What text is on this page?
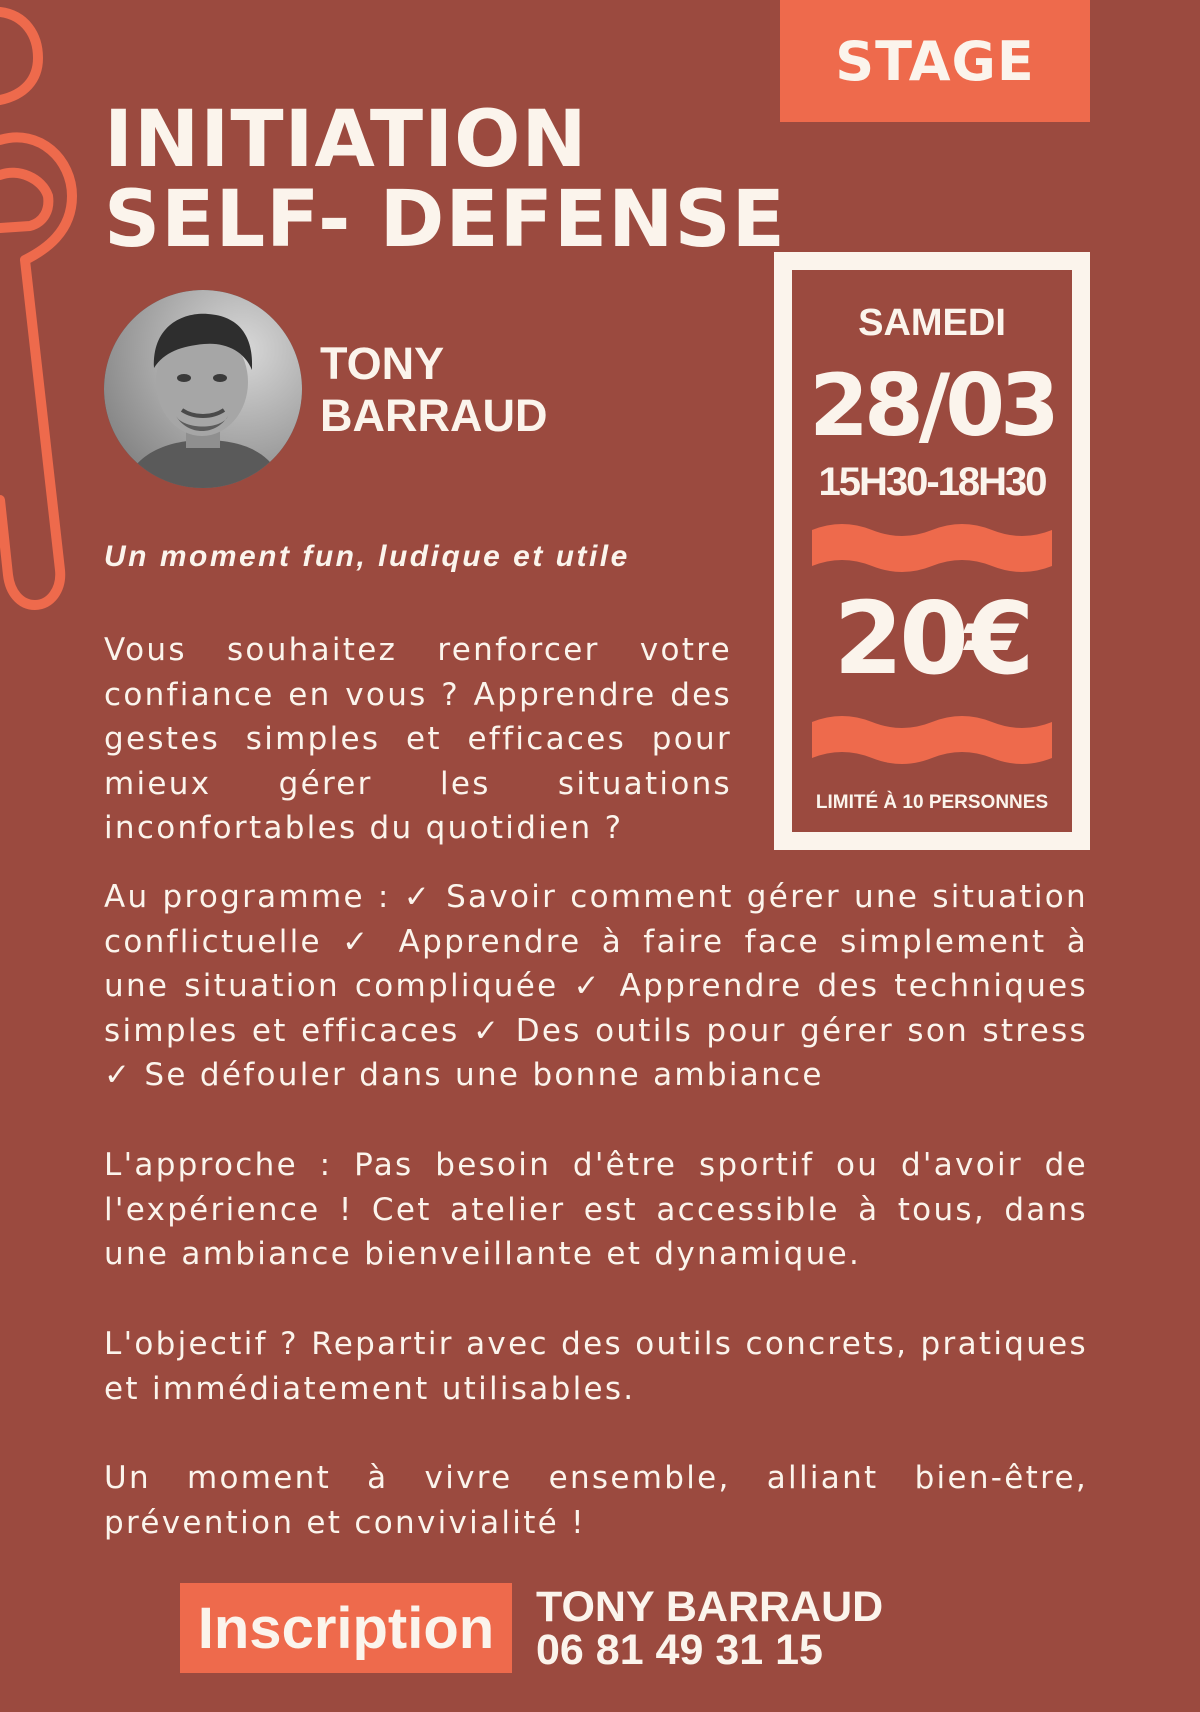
STAGE
INITIATION
SELF- DEFENSE
TONY
BARRAUD
SAMEDI
28/03
15H30-18H30
20€
LIMITÉ À 10 PERSONNES
Un moment fun, ludique et utile

Vous souhaitez renforcer votre confiance en vous ? Apprendre des gestes simples et efficaces pour mieux gérer les situations inconfortables du quotidien ?

Au programme : ✓ Savoir comment gérer une situation conflictuelle ✓ Apprendre à faire face simplement à une situation compliquée ✓ Apprendre des techniques simples et efficaces ✓ Des outils pour gérer son stress ✓ Se défouler dans une bonne ambiance

L'approche : Pas besoin d'être sportif ou d'avoir de l'expérience ! Cet atelier est accessible à tous, dans une ambiance bienveillante et dynamique.

L'objectif ? Repartir avec des outils concrets, pratiques et immédiatement utilisables.

Un moment à vivre ensemble, alliant bien-être, prévention et convivialité !

Inscription TONY BARRAUD
06 81 49 31 15
